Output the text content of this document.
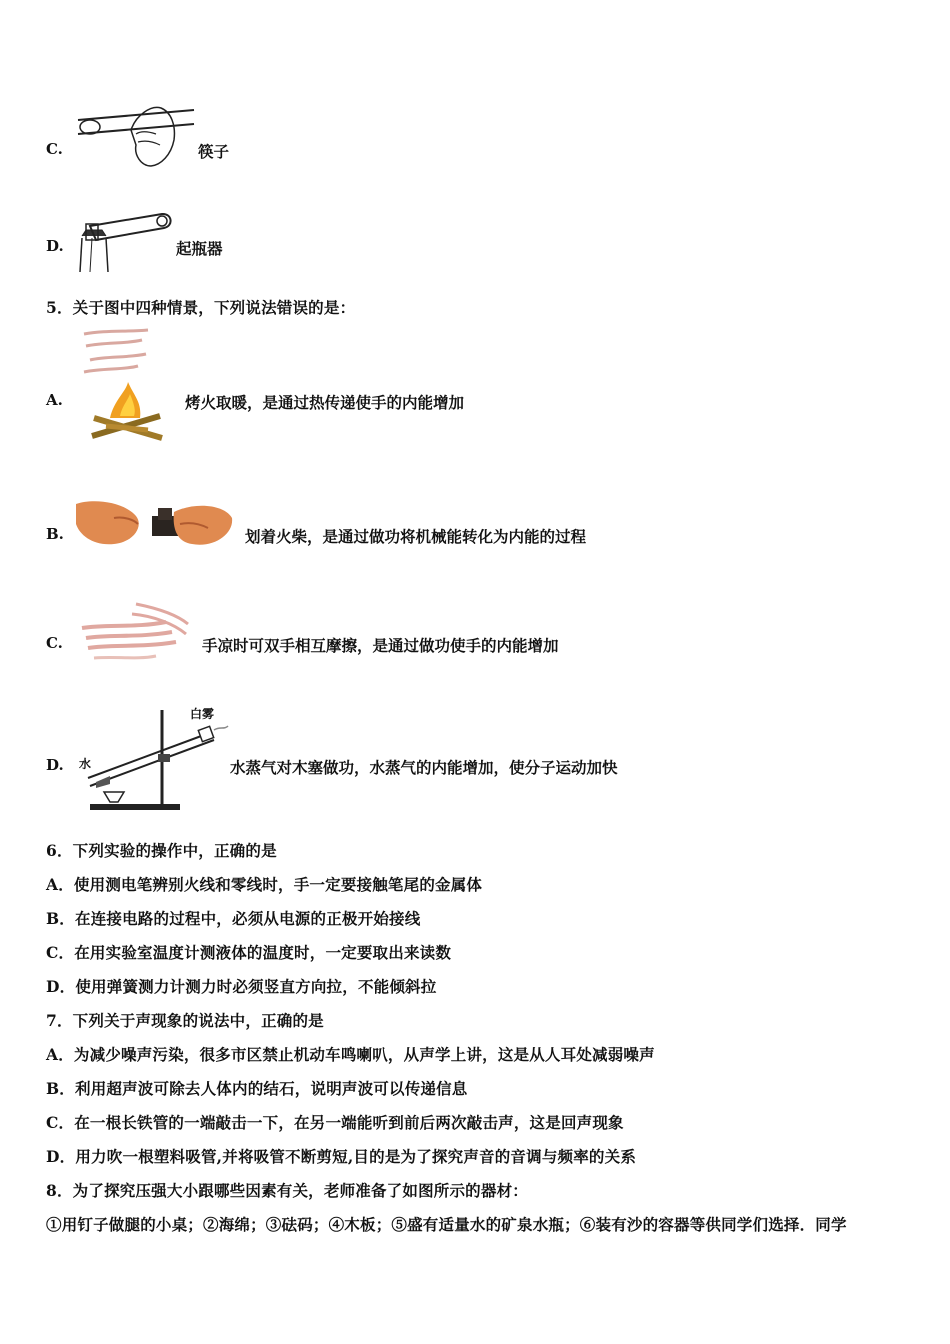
C.	筷子
D.	起瓶器
5．关于图中四种情景，下列说法错误的是：
A.	烤火取暖，是通过热传递使手的内能增加
B.	划着火柴，是通过做功将机械能转化为内能的过程
C.	手凉时可双手相互摩擦，是通过做功使手的内能增加
D.
白雾
水	水蒸气对木塞做功，水蒸气的内能增加，使分子运动加快
6．下列实验的操作中，正确的是
A．使用测电笔辨别火线和零线时，手一定要接触笔尾的金属体
B．在连接电路的过程中，必须从电源的正极开始接线
C．在用实验室温度计测液体的温度时，一定要取出来读数
D．使用弹簧测力计测力时必须竖直方向拉，不能倾斜拉
7．下列关于声现象的说法中，正确的是
A．为减少噪声污染，很多市区禁止机动车鸣喇叭，从声学上讲，这是从人耳处减弱噪声
B．利用超声波可除去人体内的结石，说明声波可以传递信息
C．在一根长铁管的一端敲击一下，在另一端能听到前后两次敲击声，这是回声现象
D．用力吹一根塑料吸管,并将吸管不断剪短,目的是为了探究声音的音调与频率的关系
8．为了探究压强大小跟哪些因素有关，老师准备了如图所示的器材：
①用钉子做腿的小桌；②海绵；③砝码；④木板；⑤盛有适量水的矿泉水瓶；⑥装有沙的容器等供同学们选择．同学
